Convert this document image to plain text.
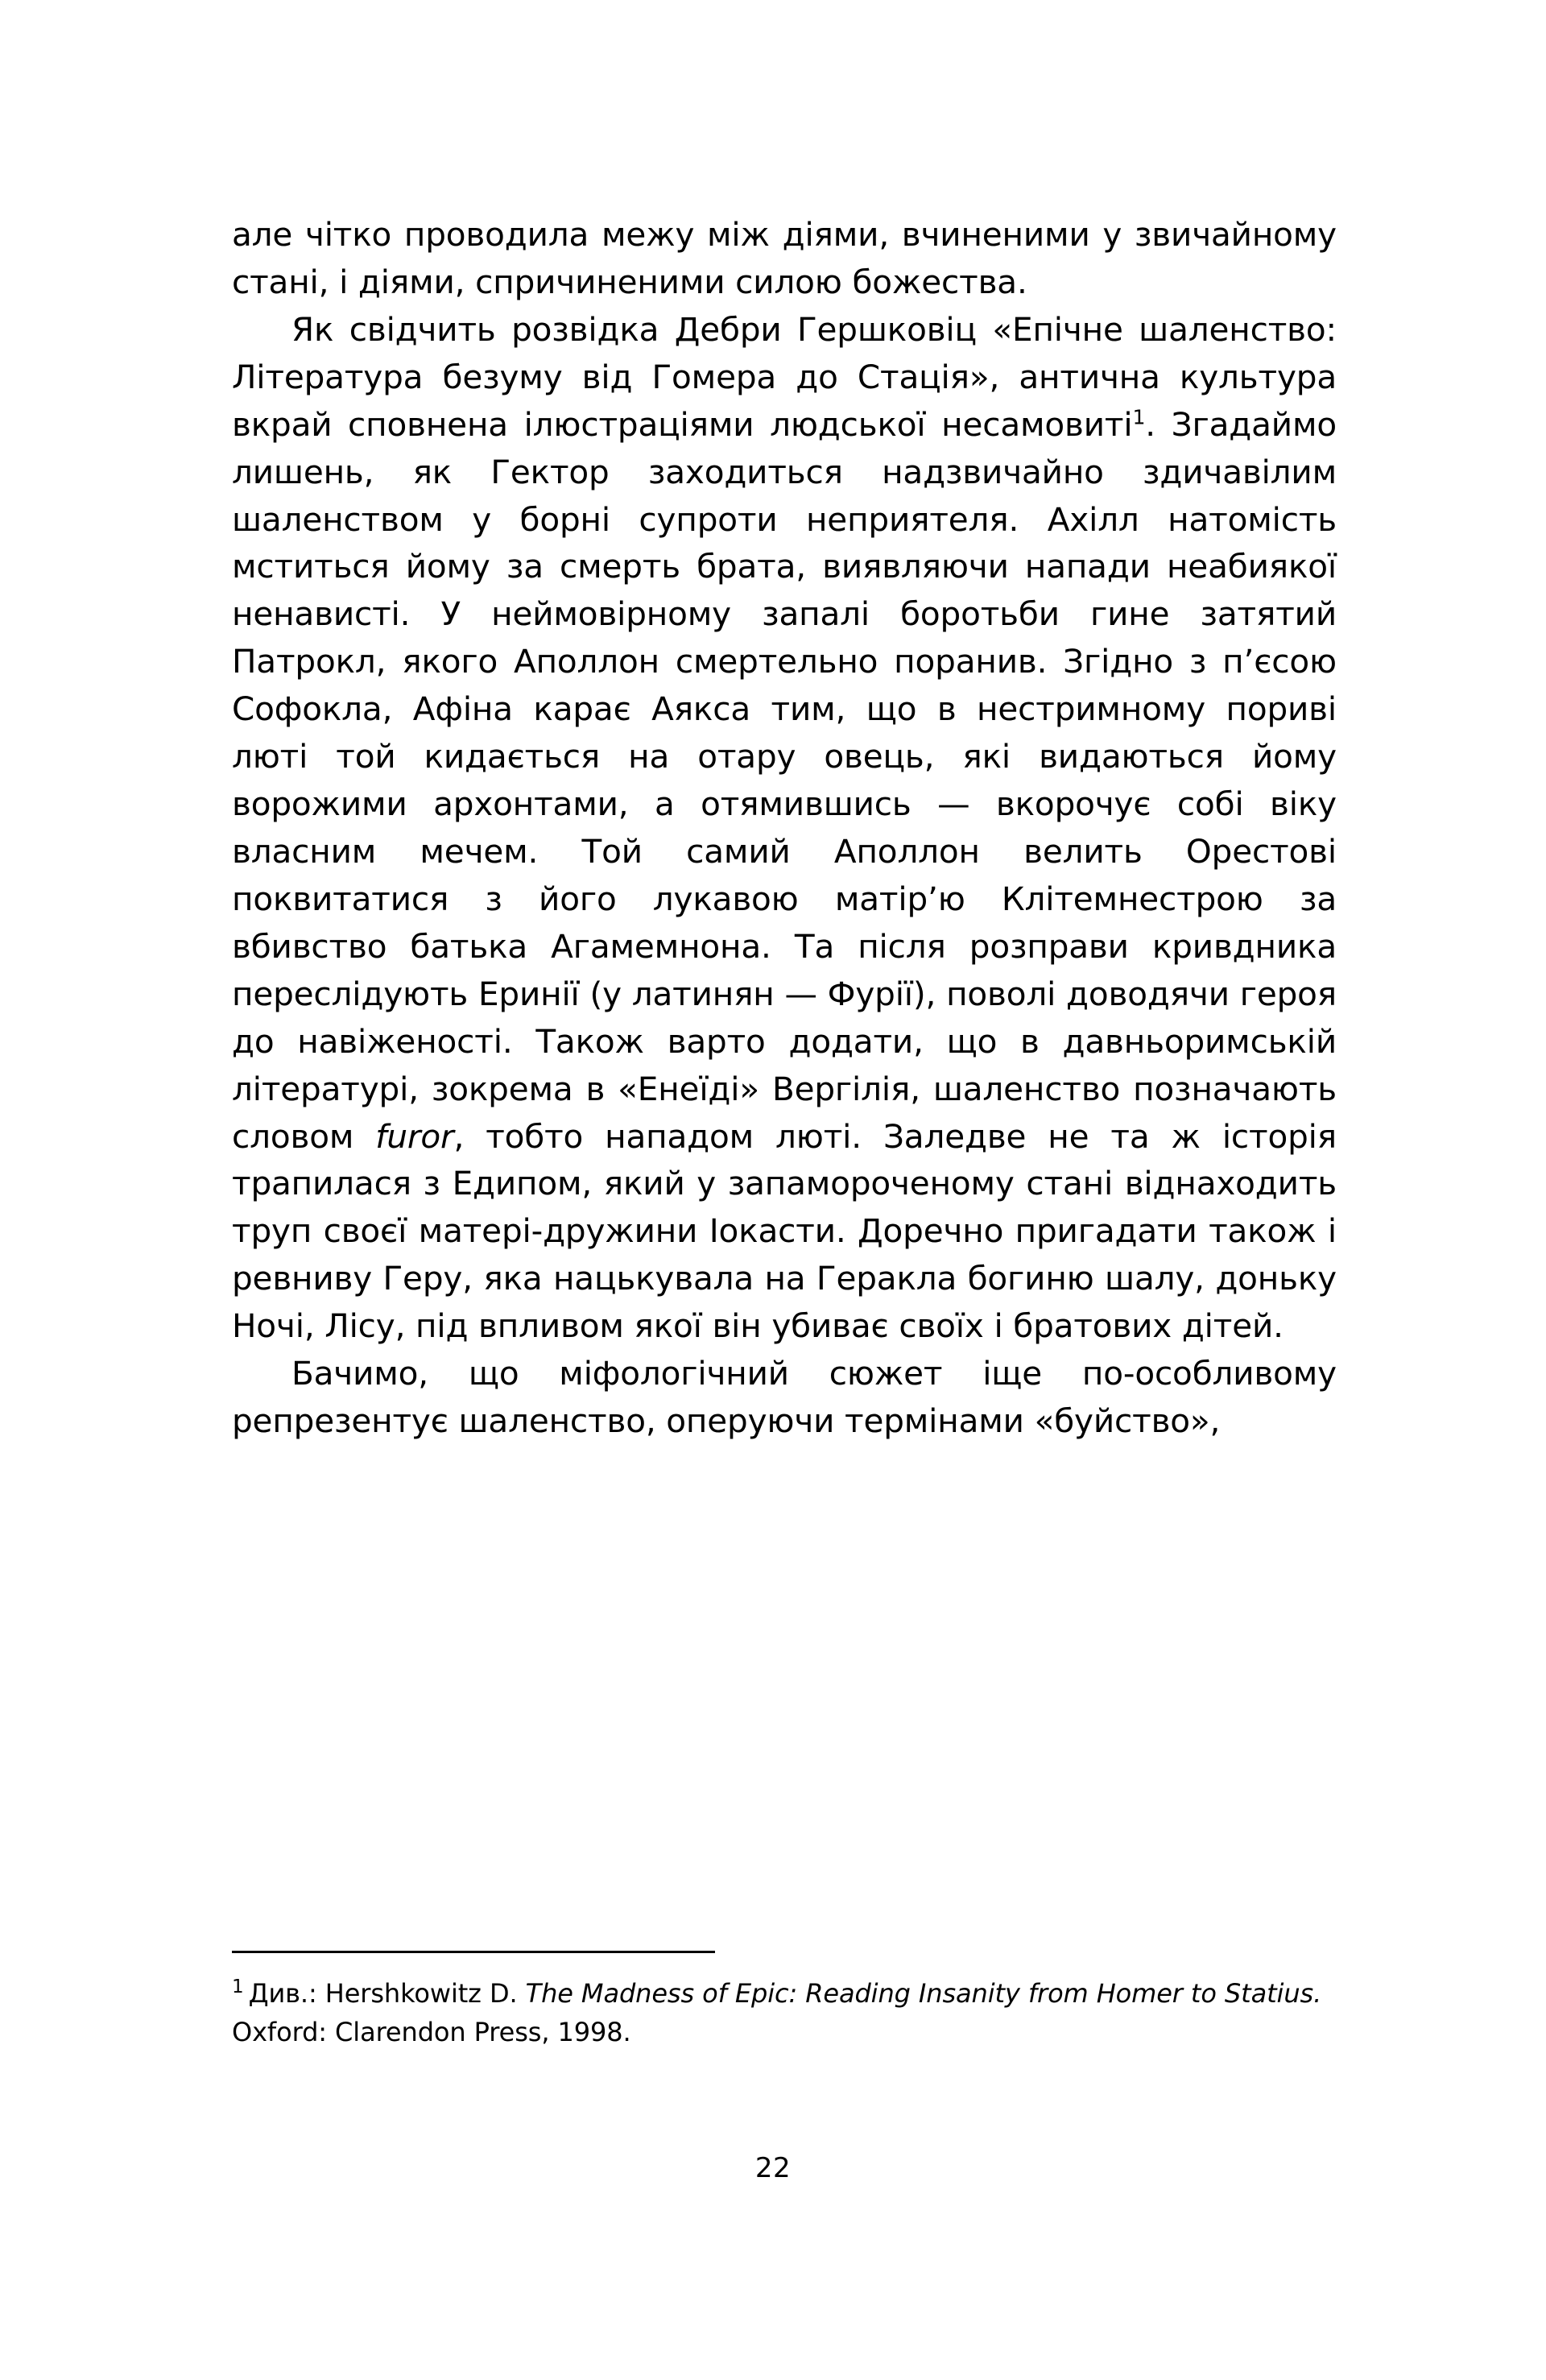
але чітко проводила межу між діями, вчиненими у звичайному стані, і діями, спричиненими силою божества.

Як свідчить розвідка Дебри Гершковіц «Епічне шаленство: Література безуму від Гомера до Стація», антична культура вкрай сповнена ілюстраціями людської несамовиті$^1$. Згадаймо лишень, як Гектор заходиться надзвичайно здичавілим шаленством у борні супроти неприятеля. Ахілл натомість мститься йому за смерть брата, виявляючи напади неабиякої ненависті. У неймовірному запалі боротьби гине затятий Патрокл, якого Аполлон смертельно поранив. Згідно з п’єсою Софокла, Афіна карає Аякса тим, що в нестримному пориві люті той кидається на отару овець, які видаються йому ворожими архонтами, а отямившись — вкорочує собі віку власним мечем. Той самий Аполлон велить Орестові поквитатися з його лукавою матір’ю Клітемнестрою за вбивство батька Агамемнона. Та після розправи кривдника переслідують Еринії (у латинян — Фурії), поволі доводячи героя до навіженості. Також варто додати, що в давньоримській літературі, зокрема в «Енеїді» Вергілія, шаленство позначають словом furor, тобто нападом люті. Заледве не та ж історія трапилася з Едипом, який у запамороченому стані віднаходить труп своєї матері-дружини Іокасти. Доречно пригадати також і ревниву Геру, яка нацькувала на Геракла богиню шалу, доньку Ночі, Лісу, під впливом якої він убиває своїх і братових дітей.

Бачимо, що міфологічний сюжет іще по-особливому репрезентує шаленство, оперуючи термінами «буйство»,

$^1$ Див.: Hershkowitz D. The Madness of Epic: Reading Insanity from Homer to Statius. Oxford: Clarendon Press, 1998.

22
